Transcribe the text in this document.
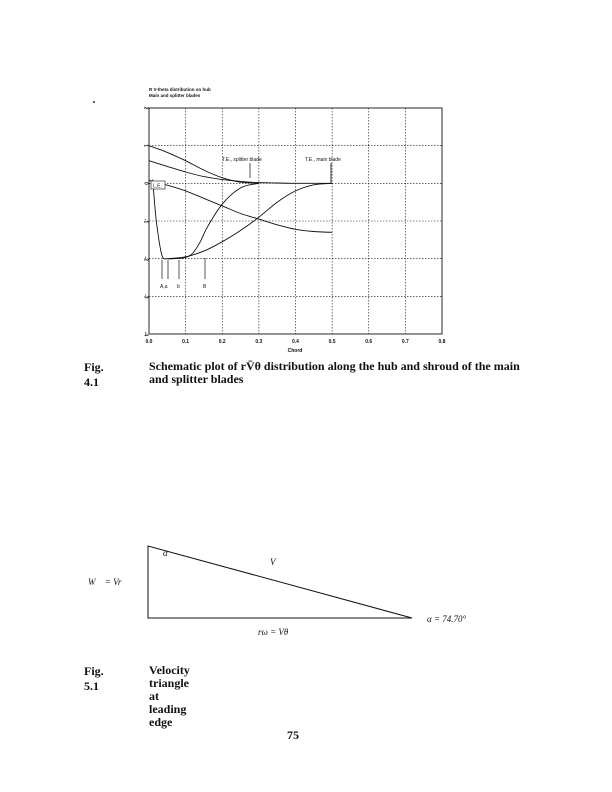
R V-theta distribution on hub
Main and splitter blades
0.0	0.1	0.2	0.3	0.4	0.5	0.6	0.7	0.8
-4
-3
-2
-1
0
1
2
T.E., splitter blade	T.E., main blade
L.E.
A,a b	B
Chord
Fig. 4.1
Schematic plot of rV̄θ distribution along the hub and shroud of the main and splitter blades
α
V⃗
W⃗ = Vr
α = 74.70°
rω = Vθ
Fig. 5.1
Velocity triangle at leading edge
75
